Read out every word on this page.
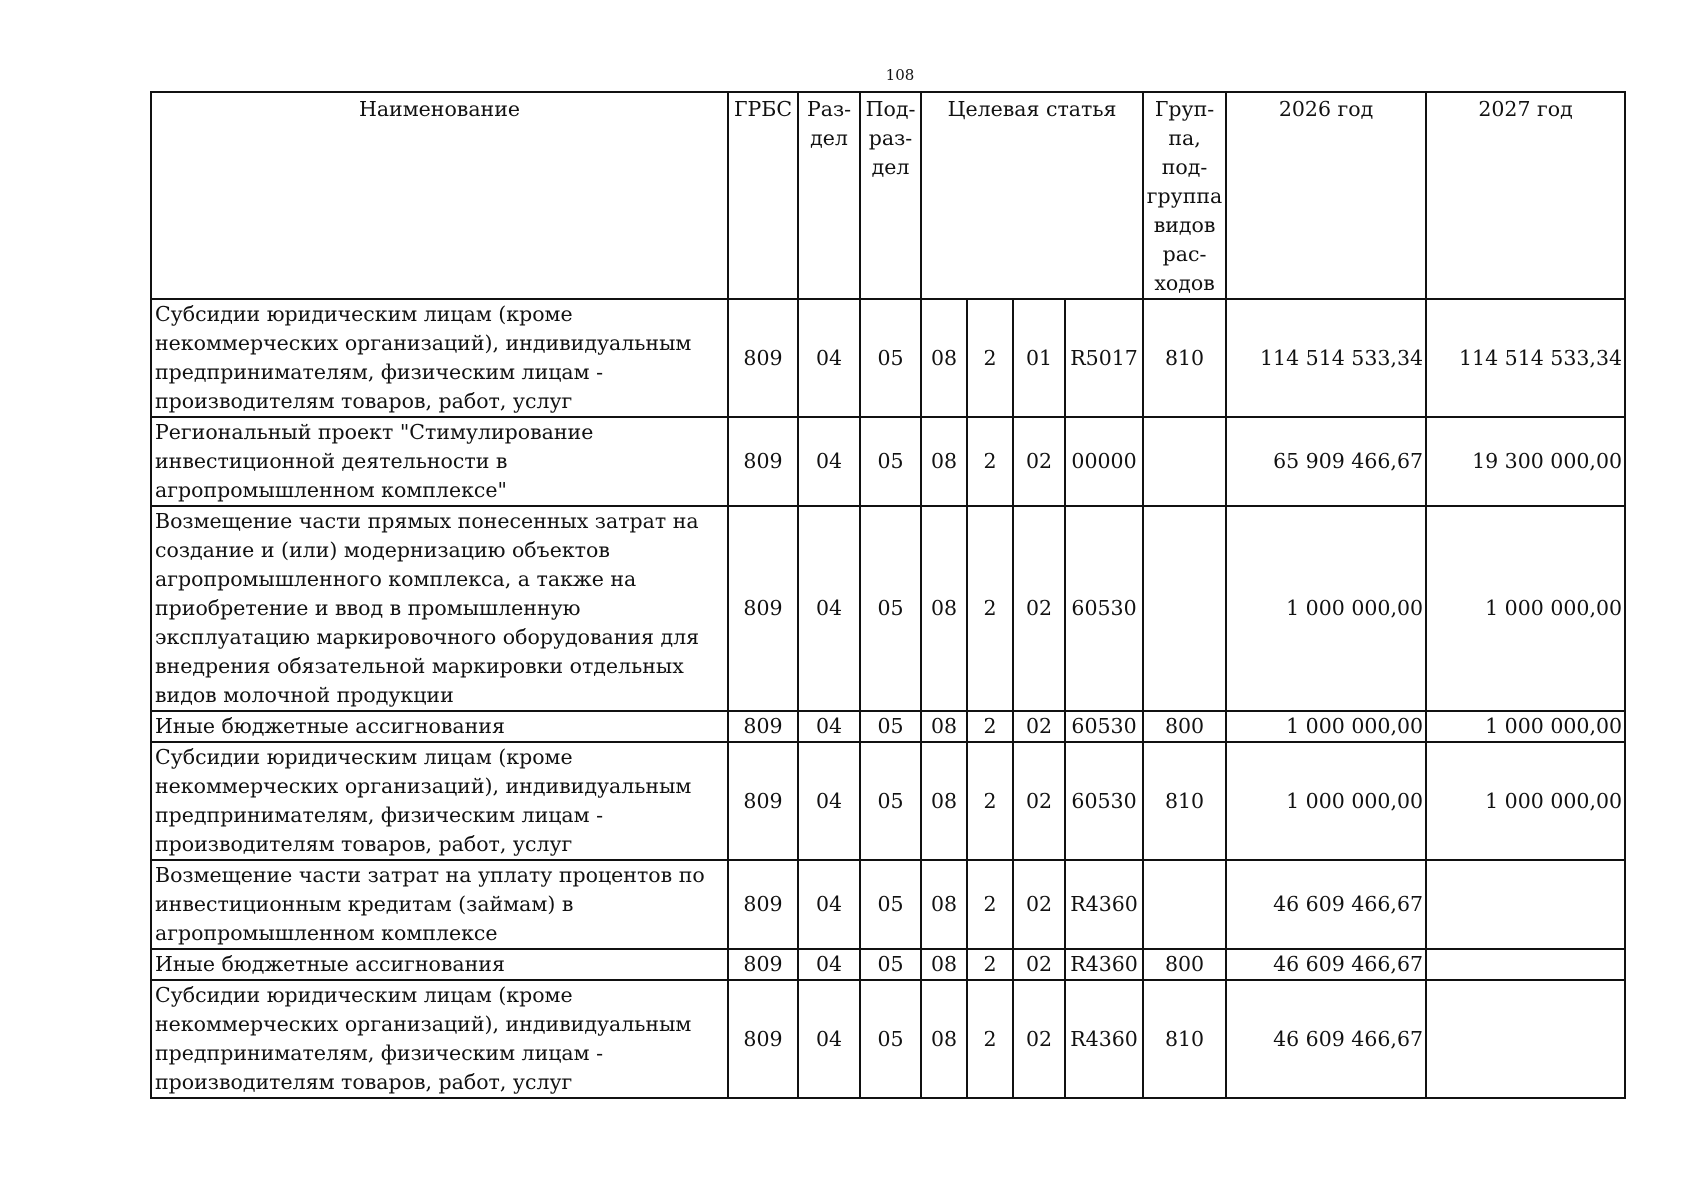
108
Наименование	ГРБС	Раз-дел	Под-раз-дел	Целевая статья				Груп-па, под-группа видов рас-ходов	2026 год	2027 год
Субсидии юридическим лицам (кроме некоммерческих организаций), индивидуальным предпринимателям, физическим лицам - производителям товаров, работ, услуг	809	04	05	08	2	01	R5017	810	114 514 533,34	114 514 533,34
Региональный проект "Стимулирование инвестиционной деятельности в агропромышленном комплексе"	809	04	05	08	2	02	00000		65 909 466,67	19 300 000,00
Возмещение части прямых понесенных затрат на создание и (или) модернизацию объектов агропромышленного комплекса, а также на приобретение и ввод в промышленную эксплуатацию маркировочного оборудования для внедрения обязательной маркировки отдельных видов молочной продукции	809	04	05	08	2	02	60530		1 000 000,00	1 000 000,00
Иные бюджетные ассигнования	809	04	05	08	2	02	60530	800	1 000 000,00	1 000 000,00
Субсидии юридическим лицам (кроме некоммерческих организаций), индивидуальным предпринимателям, физическим лицам - производителям товаров, работ, услуг	809	04	05	08	2	02	60530	810	1 000 000,00	1 000 000,00
Возмещение части затрат на уплату процентов по инвестиционным кредитам (займам) в агропромышленном комплексе	809	04	05	08	2	02	R4360		46 609 466,67	
Иные бюджетные ассигнования	809	04	05	08	2	02	R4360	800	46 609 466,67	
Субсидии юридическим лицам (кроме некоммерческих организаций), индивидуальным предпринимателям, физическим лицам - производителям товаров, работ, услуг	809	04	05	08	2	02	R4360	810	46 609 466,67	
